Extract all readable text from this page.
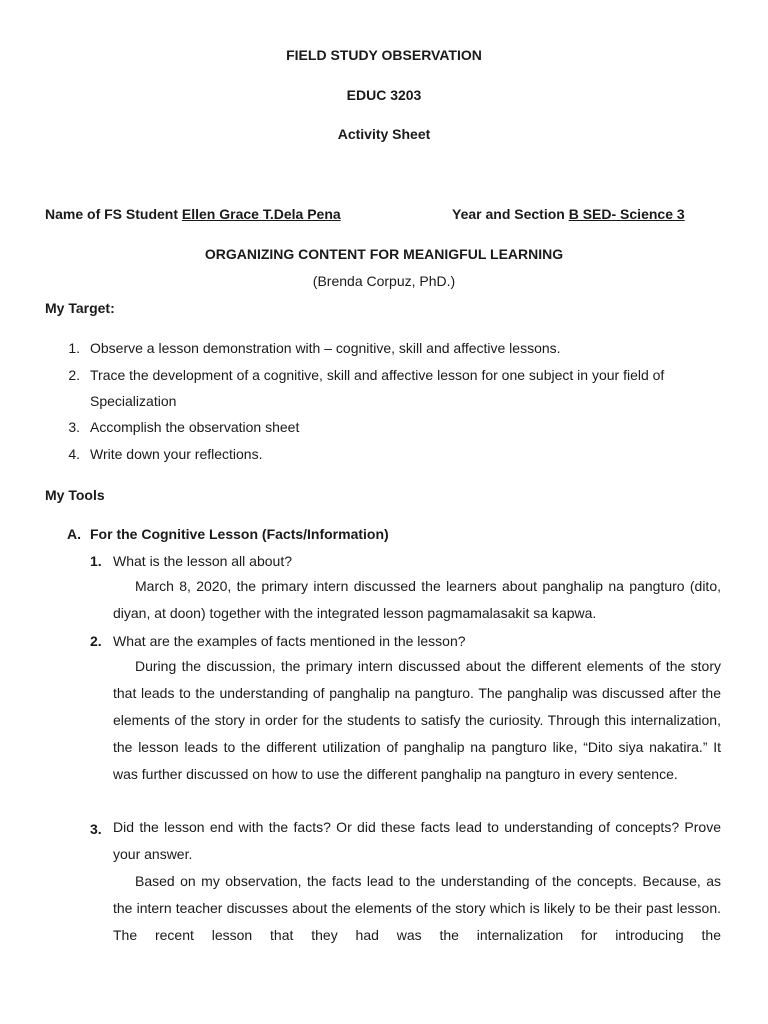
FIELD STUDY OBSERVATION
EDUC 3203
Activity Sheet
Name of FS Student Ellen Grace T.Dela Pena	Year and Section B SED- Science 3
ORGANIZING CONTENT FOR MEANIGFUL LEARNING
(Brenda Corpuz, PhD.)
My Target:
1. Observe a lesson demonstration with – cognitive, skill and affective lessons.
2. Trace the development of a cognitive, skill and affective lesson for one subject in your field of
Specialization
3. Accomplish the observation sheet
4. Write down your reflections.
My Tools
A. For the Cognitive Lesson (Facts/Information)
1. What is the lesson all about?
March 8, 2020, the primary intern discussed the learners about panghalip na pangturo (dito, diyan, at doon) together with the integrated lesson pagmamalasakit sa kapwa.
2. What are the examples of facts mentioned in the lesson?
During the discussion, the primary intern discussed about the different elements of the story that leads to the understanding of panghalip na pangturo. The panghalip was discussed after the elements of the story in order for the students to satisfy the curiosity. Through this internalization, the lesson leads to the different utilization of panghalip na pangturo like, “Dito siya nakatira.” It was further discussed on how to use the different panghalip na pangturo in every sentence.
3. Did the lesson end with the facts? Or did these facts lead to understanding of concepts? Prove your answer.
Based on my observation, the facts lead to the understanding of the concepts. Because, as the intern teacher discusses about the elements of the story which is likely to be their past lesson. The recent lesson that they had was the internalization for introducing the
